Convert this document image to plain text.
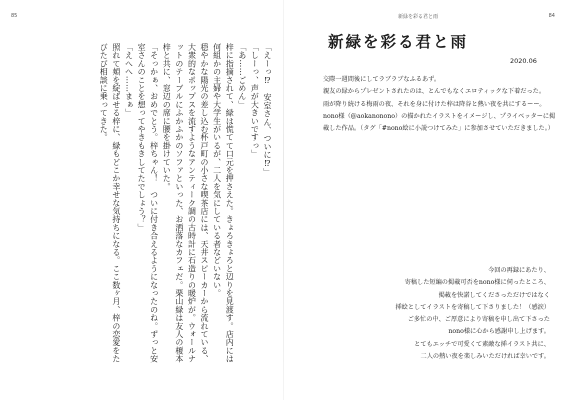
85

「えーっ⁉　安室さん、ついに⁉」

「しーっ、声が大きいですっ」

「あ……ごめん」

梓に指摘されて、緑は慌てて口元を押さえた。きょろきょろと辺りを見渡す。店内には何組かの主婦や大学生がいるが、二人を気にしている者などいない。

穏やかな陽光の差し込む杯戸町の小さな喫茶店には、天井スピーカーから流れている、大衆的なポップスを流すようなアンティーク調の古時計に石造りの暖炉が。ウォールナットのテーブルにふかふかのソファといった、お洒落なカフェだ。栗山緑は友人の榎本梓と共に、窓辺の席に腰を掛けていた。

「そっかぁ、おめでとう。梓ちゃん！　ついに付き合えるようになったのね。ずっと安室さんのことを想ってやきもきしてたでしょう？」

「えへへ……まぁ」

照れて頬を綻ばせる梓に、緑もどこか幸せな気持ちになる。ここ数ヶ月、梓の恋愛をたびたび相談に乗ってきた。

新緑を彩る君と雨	84
新緑を彩る君と雨
2020.06

交際一週間後にしてラブラブなふるあず。

親友の緑からプレゼントされたのは、とんでもなくエロティックな下着だった。

雨が降り続ける梅雨の夜、それを身に付けた梓は降谷と熱い夜を共にするーー。

nono様（@aokanonono）の描かれたイラストをイメージし、プライベッターに掲載した作品。（タグ「#nono絵に小説つけてみた」に参加させていただきました。）

今回の再録にあたり、

寄稿した短編の掲載可否をnono様に伺ったところ、

掲載を快諾してくださっただけではなく

挿絵としてイラストを寄稿して下さりました！（感涙）

ご多忙の中、ご厚意により寄稿を申し出て下さった

nono様に心から感謝申し上げます。

とてもエッチで可愛くて素敵な挿イラスト共に、

二人の熱い夜を楽しみいただければ幸いです。
